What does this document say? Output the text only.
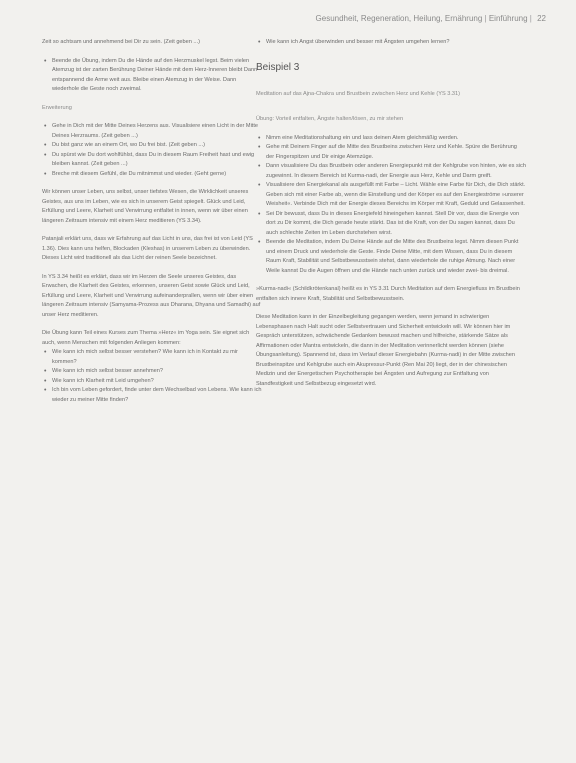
Gesundheit, Regeneration, Heilung, Ernährung | Einführung | 22

Zeit so achtsam und annehmend bei Dir zu sein. (Zeit geben ...)

• Beende die Übung, indem Du die Hände auf den Herzmuskel legst. Beim vielen Atemzug ist der zarten Berührung Deiner Hände mit dem Herz-Inneren bleibt Dann entspannend die Arme weit aus. Bleibe einen Atemzug in der Weise. Dann wiederhole die Geste noch zweimal.

Erweiterung

• Gehe in Dich mit der Mitte Deines Herzens aus. Visualisiere einen Licht in der Mitte Deines Herzraums. (Zeit geben ...)
• Du bist ganz wie an einem Ort, wo Du frei bist. (Zeit geben ...)
• Du spürst wie Du dort wohlfühlst, dass Du in diesem Raum Freiheit hast und ewig bleiben kannst. (Zeit geben ...)
• Breche mit diesem Gefühl, die Du mitnimmst und wieder. (Geht gerne)

Wir können unser Leben, uns selbst, unser tiefstes Wesen, die Wirklichkeit unseres Geistes, aus uns im Leben, wie es sich in unserem Geist spiegelt. Glück und Leid, Erfüllung und Leere, Klarheit und Verwirrung entfaltet in innen, wenn wir über einen längeren Zeitraum intensiv mit einem Herz meditieren (YS 3.34).

Patanjali erklärt uns, dass wir Erfahrung auf das Licht in uns, das frei ist von Leid (YS 1.36). Dies kann uns helfen, Blockaden (Kleshas) in unserem Leben zu überwinden. Dieses Licht wird traditionell als das Licht der reinen Seele bezeichnet.

In YS 3.34 heißt es erklärt, dass wir im Herzen die Seele unseres Geistes, das Erwachen, die Klarheit des Geistes, erkennen, unseren Geist sowie Glück und Leid, Erfüllung und Leere, Klarheit und Verwirrung aufeinanderprallen, wenn wir über einen längeren Zeitraum intensiv (Samyama-Prozess aus Dharana, Dhyana und Samadhi) auf unser Herz meditieren.

Die Übung kann Teil eines Kurses zum Thema »Herz« im Yoga sein. Sie eignet sich auch, wenn Menschen mit folgenden Anliegen kommen:

• Wie kann ich mich selbst besser verstehen? Wie kann ich in Kontakt zu mir kommen?
• Wie kann ich mich selbst besser annehmen?
• Wie kann ich Klarheit mit Leid umgehen?
• Ich bin vom Leben gefordert, finde unter dem Wechselbad von Lebens. Wie kann ich wieder zu meiner Mitte finden?
• Wie kann ich Angst überwinden und besser mit Ängsten umgehen lernen?
Beispiel 3

Meditation auf das Ajna-Chakra und Brustbein zwischen Herz und Kehle (YS 3.31)

Übung: Vorteil entfalten, Ängste halten/lösen, zu mir stehen

• Nimm eine Meditationshaltung ein und lass deinen Atem gleichmäßig werden.
• Gehe mit Deinem Finger auf die Mitte des Brustbeins zwischen Herz und Kehle. Spüre die Berührung der Fingerspitzen und Dir einige Atemzüge.
• Dann visualisiere Du das Brustbein oder anderen Energiepunkt mit der Kehlgrube von hinten, wie es sich zugewinnt. In diesem Bereich ist Kurma-nadi, der Energie aus Herz, Kehle und Darm greift.
• Visualisiere den Energiekanal als ausgefüllt mit Farbe – Licht. Wähle eine Farbe für Dich, die Dich stärkt. Geben sich mit einer Farbe ab, wenn die Einstellung und der Körper es auf den Energieströme »unserer Weisheit«. Verbinde Dich mit der Energie dieses Bereichs im Körper mit Kraft, Geduld und Gelassenheit.
• Sei Dir bewusst, dass Du in dieses Energiefeld hineingehen kannst. Stell Dir vor, dass die Energie von dort zu Dir kommt, die Dich gerade heute stärkt. Das ist die Kraft, von der Du sagen kannst, dass Du auch schlechte Zeiten im Leben durchstehen wirst.
• Beende die Meditation, indem Du Deine Hände auf die Mitte des Brustbeins legst. Nimm diesen Punkt und einem Druck und wiederhole die Geste. Finde Deine Mitte, mit dem Wissen, dass Du in diesem Raum Kraft, Stabilität und Selbstbewusstsein stehst, dann wiederhole die ruhige Atmung. Nach einer Weile kannst Du die Augen öffnen und die Hände nach unten zurück und wieder zwei- bis dreimal.

»Kurma-nadi« (Schildkrötenkanal) heißt es in YS 3.31 Durch Meditation auf dem Energiefluss im Brustbein entfalten sich innere Kraft, Stabilität und Selbstbewusstsein.

Diese Meditation kann in der Einzelbegleitung gegangen werden, wenn jemand in schwierigen Lebensphasen nach Halt sucht oder Selbstvertrauen und Sicherheit entwickeln will. Wir können hier im Gespräch unterstützen, schwächende Gedanken bewusst machen und hilfreiche, stärkende Sätze als Affirmationen oder Mantra entwickeln, die dann in der Meditation verinnerlicht werden können (siehe Übungsanleitung). Spannend ist, dass im Verlauf dieser Energiebahn (Kurma-nadi) in der Mitte zwischen Brustbeinspitze und Kehlgrube auch ein Akupressur-Punkt (Ren Mai 20) liegt, der in der chinesischen Medizin und der Energetischen Psychotherapie bei Ängsten und Aufregung zur Entfaltung von Standfestigkeit und Selbstbezug eingesetzt wird.
